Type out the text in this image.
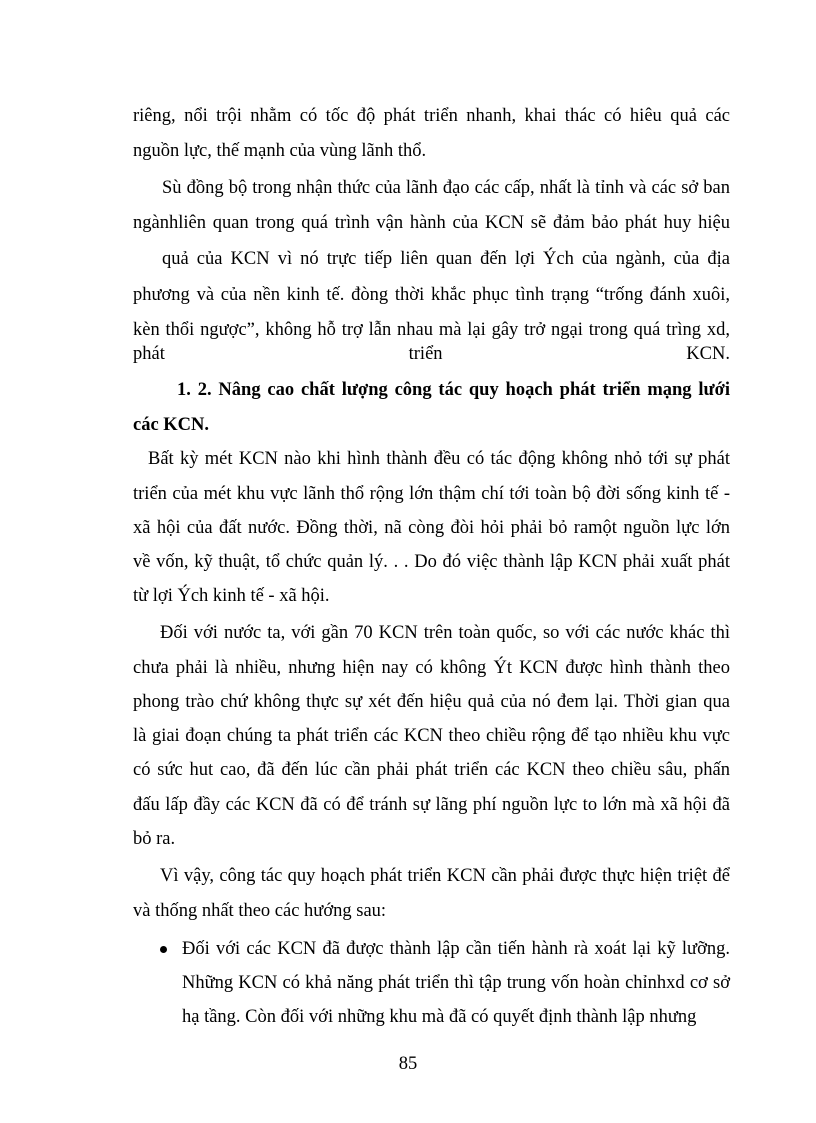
riêng, nổi trội nhằm có tốc độ phát triển nhanh, khai thác có hiêu quả các
nguồn lực, thế mạnh của vùng lãnh thổ.
Sù đồng bộ trong nhận thức của lãnh đạo các cấp, nhất là tỉnh và các sở ban
ngànhliên quan trong quá trình vận hành của KCN sẽ đảm bảo phát huy hiệu
quả của KCN vì nó trực tiếp liên quan đến lợi Ých của ngành, của địa
phương và của nền kinh tế. đòng thời khắc phục tình trạng “trống đánh xuôi,
kèn thổi ngược”, không hỗ trợ lẫn nhau mà lại gây trở ngại trong quá trìng xd,
phát	triển	KCN.
1. 2. Nâng cao chất lượng công tác quy hoạch phát triển mạng lưới
các KCN.
Bất kỳ mét KCN nào khi hình thành đều có tác động không nhỏ tới sự phát
triển của mét khu vực lãnh thổ rộng lớn thậm chí tới toàn bộ đời sống kinh tế -
xã hội của đất nước. Đồng thời, nã còng đòi hỏi phải bỏ ramột nguồn lực lớn
về vốn, kỹ thuật, tổ chức quản lý. . . Do đó việc thành lập KCN phải xuất phát
từ lợi Ých kinh tế - xã hội.
Đối với nước ta, với gần 70 KCN trên toàn quốc, so với các nước khác thì
chưa phải là nhiều, nhưng hiện nay có không Ýt KCN được hình thành theo
phong trào chứ không thực sự xét đến hiệu quả của nó đem lại. Thời gian qua
là giai đoạn chúng ta phát triển các KCN theo chiều rộng để tạo nhiều khu vực
có sức hut cao, đã đến lúc cần phải phát triển các KCN theo chiều sâu, phấn
đấu lấp đầy các KCN đã có để tránh sự lãng phí nguồn lực to lớn mà xã hội đã
bỏ ra.
Vì vậy, công tác quy hoạch phát triển KCN cần phải được thực hiện triệt để
và thống nhất theo các hướng sau:
Đối với các KCN đã được thành lập cần tiến hành rà xoát lại kỹ lưỡng.
Những KCN có khả năng phát triển thì tập trung vốn hoàn chỉnhxd cơ sở
hạ tầng. Còn đối với những khu mà đã có quyết định thành lập nhưng
85
